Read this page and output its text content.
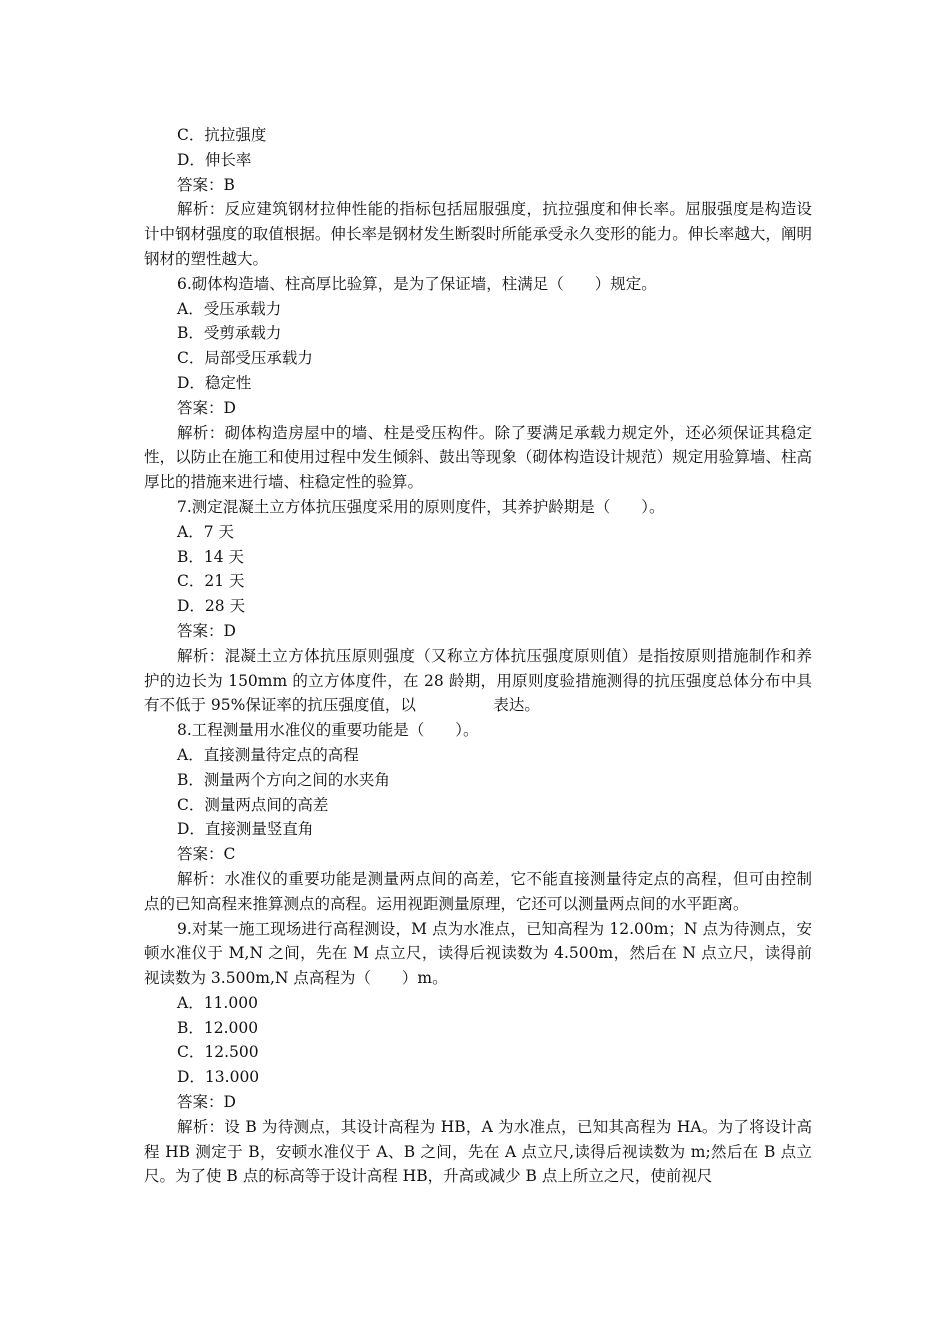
C．抗拉强度
D．伸长率
答案：B
解析：反应建筑钢材拉伸性能的指标包括屈服强度，抗拉强度和伸长率。屈服强度是构造设计中钢材强度的取值根据。伸长率是钢材发生断裂时所能承受永久变形的能力。伸长率越大，阐明钢材的塑性越大。
6.砌体构造墙、柱高厚比验算，是为了保证墙，柱满足（　　）规定。
A．受压承载力
B．受剪承载力
C．局部受压承载力
D．稳定性
答案：D
解析：砌体构造房屋中的墙、柱是受压构件。除了要满足承载力规定外，还必须保证其稳定性，以防止在施工和使用过程中发生倾斜、鼓出等现象（砌体构造设计规范）规定用验算墙、柱高厚比的措施来进行墙、柱稳定性的验算。
7.测定混凝土立方体抗压强度采用的原则度件，其养护龄期是（　　）。
A．7 天
B．14 天
C．21 天
D．28 天
答案：D
解析：混凝土立方体抗压原则强度（又称立方体抗压强度原则值）是指按原则措施制作和养护的边长为 150mm 的立方体度件，在 28 龄期，用原则度验措施测得的抗压强度总体分布中具有不低于 95%保证率的抗压强度值，以　　　　　表达。
8.工程测量用水准仪的重要功能是（　　）。
A．直接测量待定点的高程
B．测量两个方向之间的水夹角
C．测量两点间的高差
D．直接测量竖直角
答案：C
解析：水准仪的重要功能是测量两点间的高差，它不能直接测量待定点的高程，但可由控制点的已知高程来推算测点的高程。运用视距测量原理，它还可以测量两点间的水平距离。
9.对某一施工现场进行高程测设，M 点为水准点，已知高程为 12.00m；N 点为待测点，安顿水准仪于 M,N 之间，先在 M 点立尺，读得后视读数为 4.500m，然后在 N 点立尺，读得前视读数为 3.500m,N 点高程为（　　）m。
A．11.000
B．12.000
C．12.500
D．13.000
答案：D
解析：设 B 为待测点，其设计高程为 HB，A 为水准点，已知其高程为 HA。为了将设计高程 HB 测定于 B，安顿水准仪于 A、B 之间，先在 A 点立尺,读得后视读数为 m;然后在 B 点立尺。为了使 B 点的标高等于设计高程 HB，升高或减少 B 点上所立之尺，使前视尺
